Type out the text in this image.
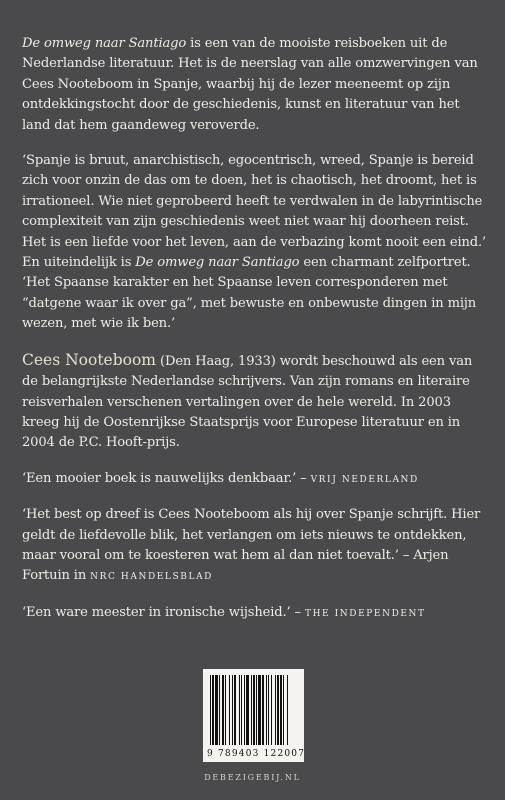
De omweg naar Santiago is een van de mooiste reisboeken uit de Nederlandse literatuur. Het is de neerslag van alle omzwervingen van Cees Nooteboom in Spanje, waarbij hij de lezer meeneemt op zijn ontdekkingstocht door de geschiedenis, kunst en literatuur van het land dat hem gaandeweg veroverde.

‘Spanje is bruut, anarchistisch, egocentrisch, wreed, Spanje is bereid zich voor onzin de das om te doen, het is chaotisch, het droomt, het is irrationeel. Wie niet geprobeerd heeft te verdwalen in de labyrintische complexiteit van zijn geschiedenis weet niet waar hij doorheen reist. Het is een liefde voor het leven, aan de verbazing komt nooit een eind.’ En uiteindelijk is De omweg naar Santiago een charmant zelfportret. ‘Het Spaanse karakter en het Spaanse leven corresponderen met “datgene waar ik over ga”, met bewuste en onbewuste dingen in mijn wezen, met wie ik ben.’

Cees Nooteboom (Den Haag, 1933) wordt beschouwd als een van de belangrijkste Nederlandse schrijvers. Van zijn romans en literaire reisverhalen verschenen vertalingen over de hele wereld. In 2003 kreeg hij de Oostenrijkse Staatsprijs voor Europese literatuur en in 2004 de P.C. Hooft-prijs.

‘Een mooier boek is nauwelijks denkbaar.’ – VRIJ NEDERLAND

‘Het best op dreef is Cees Nooteboom als hij over Spanje schrijft. Hier geldt de liefdevolle blik, het verlangen om iets nieuws te ontdekken, maar vooral om te koesteren wat hem al dan niet toevalt.’ – Arjen Fortuin in NRC HANDELSBLAD

‘Een ware meester in ironische wijsheid.’ – THE INDEPENDENT

9 789403 122007
DEBEZIGEBIJ.NL
